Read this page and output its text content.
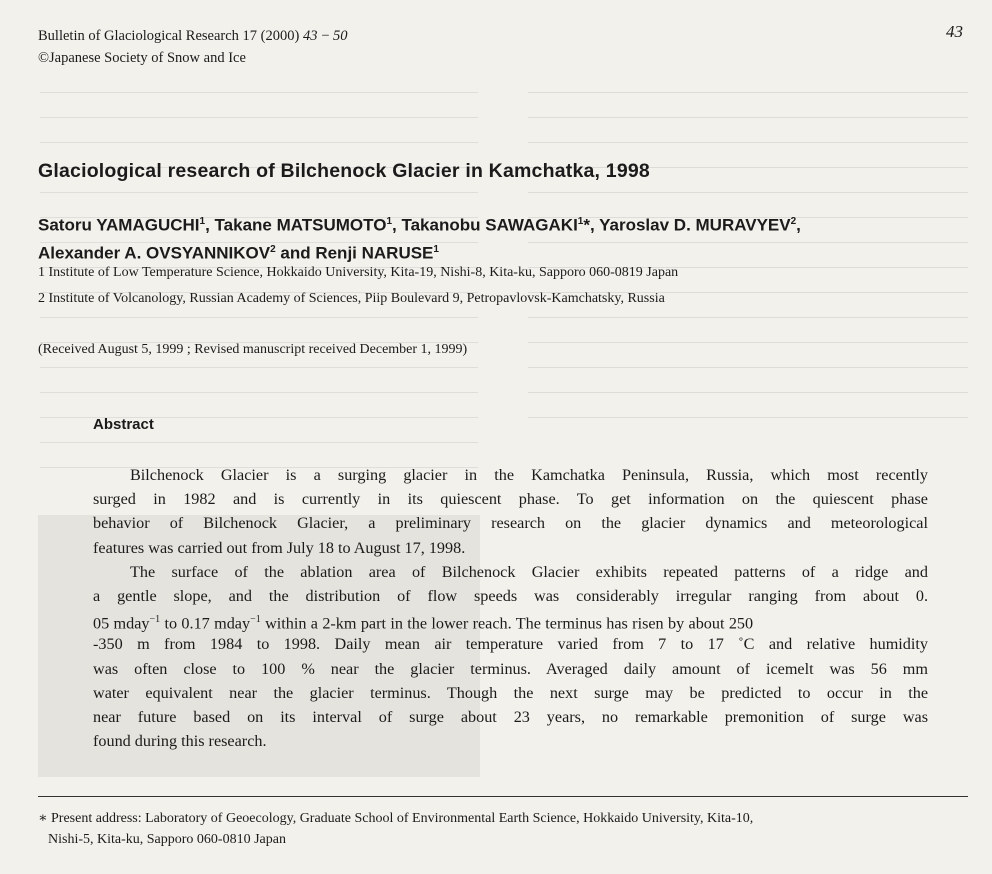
Bulletin of Glaciological Research 17 (2000) 43 − 50
©Japanese Society of Snow and Ice
43
Glaciological research of Bilchenock Glacier in Kamchatka, 1998
Satoru YAMAGUCHI$^1$, Takane MATSUMOTO$^1$, Takanobu SAWAGAKI$^1$*, Yaroslav D. MURAVYEV$^2$,
Alexander A. OVSYANNIKOV$^2$ and Renji NARUSE$^1$
1 Institute of Low Temperature Science, Hokkaido University, Kita-19, Nishi-8, Kita-ku, Sapporo 060-0819 Japan
2 Institute of Volcanology, Russian Academy of Sciences, Piip Boulevard 9, Petropavlovsk-Kamchatsky, Russia
(Received August 5, 1999 ; Revised manuscript received December 1, 1999)
Abstract
Bilchenock Glacier is a surging glacier in the Kamchatka Peninsula, Russia, which most recently
surged in 1982 and is currently in its quiescent phase. To get information on the quiescent phase
behavior of Bilchenock Glacier, a preliminary research on the glacier dynamics and meteorological
features was carried out from July 18 to August 17, 1998.
The surface of the ablation area of Bilchenock Glacier exhibits repeated patterns of a ridge and
a gentle slope, and the distribution of flow speeds was considerably irregular ranging from about 0.
05 mday$^{-1}$ to 0.17 mday$^{-1}$ within a 2-km part in the lower reach. The terminus has risen by about 250
-350 m from 1984 to 1998. Daily mean air temperature varied from 7 to 17 ˚C and relative humidity
was often close to 100 % near the glacier terminus. Averaged daily amount of icemelt was 56 mm
water equivalent near the glacier terminus. Though the next surge may be predicted to occur in the
near future based on its interval of surge about 23 years, no remarkable premonition of surge was
found during this research.
∗ Present address: Laboratory of Geoecology, Graduate School of Environmental Earth Science, Hokkaido University, Kita-10,
Nishi-5, Kita-ku, Sapporo 060-0810 Japan
